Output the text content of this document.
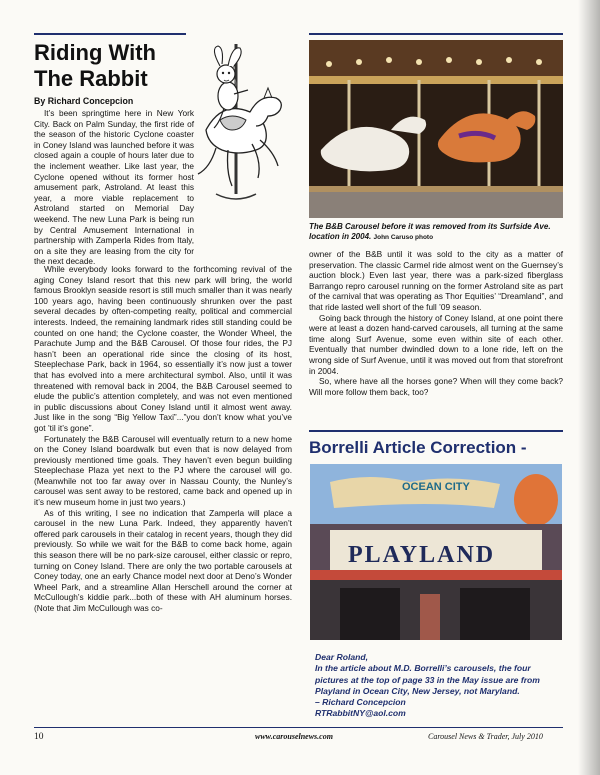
Riding With The Rabbit
By Richard Concepcion

It’s been springtime here in New York City. Back on Palm Sunday, the first ride of the season of the historic Cyclone coaster in Coney Island was launched before it was closed again a couple of hours later due to the inclement weather. Like last year, the Cyclone opened without its former host amusement park, Astroland. At least this year, a more viable replacement to Astroland started on Memorial Day weekend. The new Luna Park is being run by Central Amusement International in partnership with Zamperla Rides from Italy, on a site they are leasing from the city for the next decade.

While everybody looks forward to the forthcoming revival of the aging Coney Island resort that this new park will bring, the world famous Brooklyn seaside resort is still much smaller than it was nearly 100 years ago, having been continuously shrunken over the past several decades by often-competing realty, political and commercial interests. Indeed, the remaining landmark rides still standing could be counted on one hand; the Cyclone coaster, the Wonder Wheel, the Parachute Jump and the B&B Carousel. Of those four rides, the PJ hasn’t been an operational ride since the closing of its host, Steeplechase Park, back in 1964, so essentially it’s now just a tower that has evolved into a mere architectural symbol. Also, until it was threatened with removal back in 2004, the B&B Carousel seemed to elude the public’s attention completely, and was not even mentioned in public discussions about Coney Island until it almost went away. Just like in the song “Big Yellow Taxi”...”you don’t know what you’ve got ’til it’s gone”.

Fortunately the B&B Carousel will eventually return to a new home on the Coney Island boardwalk but even that is now delayed from previously mentioned time goals. They haven’t even begun building Steeplechase Plaza yet next to the PJ where the carousel will go. (Meanwhile not too far away over in Nassau County, the Nunley’s carousel was sent away to be restored, came back and opened up in it’s new museum home in just two years.)

As of this writing, I see no indication that Zamperla will place a carousel in the new Luna Park. Indeed, they apparently haven’t offered park carousels in their catalog in recent years, though they did previously. So while we wait for the B&B to come back home, again this season there will be no park-size carousel, either classic or repro, turning on Coney Island. There are only the two portable carousels at Coney today, one an early Chance model next door at Deno’s Wonder Wheel Park, and a streamline Allan Herschell around the corner at McCullough’s kiddie park...both of these with AH aluminum horses. (Note that Jim McCullough was co-

The B&B Carousel before it was removed from its Surfside Ave. location in 2004. John Caruso photo

owner of the B&B until it was sold to the city as a matter of preservation. The classic Carmel ride almost went on the Guernsey’s auction block.) Even last year, there was a park-sized fiberglass Barrango repro carousel running on the former Astroland site as part of the carnival that was operating as Thor Equities’ “Dreamland”, and that ride lasted well short of the full ’09 season.

Going back through the history of Coney Island, at one point there were at least a dozen hand-carved carousels, all turning at the same time along Surf Avenue, some even within site of each other. Eventually that number dwindled down to a lone ride, left on the wrong side of Surf Avenue, until it was moved out from that storefront in 2004.

So, where have all the horses gone? When will they come back? Will more follow them back, too?

Borrelli Article Correction -
OCEAN CITY
PLAYLAND
Dear Roland,
In the article about M.D. Borrelli’s carousels, the four pictures at the top of page 33 in the May issue are from Playland in Ocean City, New Jersey, not Maryland.
– Richard Concepcion
RTRabbitNY@aol.com
10	www.carouselnews.com	Carousel News & Trader, July 2010
